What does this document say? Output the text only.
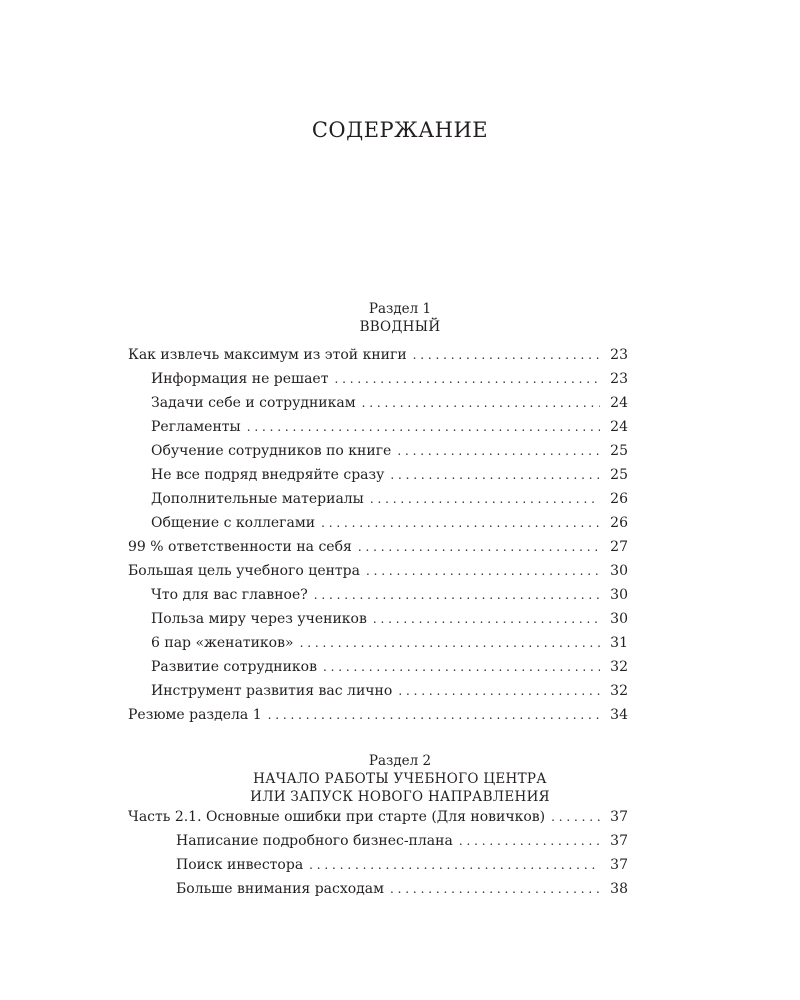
СОДЕРЖАНИЕ
Раздел 1
ВВОДНЫЙ
Как извлечь максимум из этой книги . . .	23
Информация не решает . . .	23
Задачи себе и сотрудникам . . .	24
Регламенты . . .	24
Обучение сотрудников по книге . . .	25
Не все подряд внедряйте сразу . . .	25
Дополнительные материалы . . .	26
Общение с коллегами . . .	26
99 % ответственности на себя . . .	27
Большая цель учебного центра . . .	30
Что для вас главное? . . .	30
Польза миру через учеников . . .	30
6 пар «женатиков» . . .	31
Развитие сотрудников . . .	32
Инструмент развития вас лично . . .	32
Резюме раздела 1 . . .	34
Раздел 2
НАЧАЛО РАБОТЫ УЧЕБНОГО ЦЕНТРА
ИЛИ ЗАПУСК НОВОГО НАПРАВЛЕНИЯ
Часть 2.1. Основные ошибки при старте (Для новичков) . . .	37
Написание подробного бизнес-плана . . .	37
Поиск инвестора . . .	37
Больше внимания расходам . . .	38
